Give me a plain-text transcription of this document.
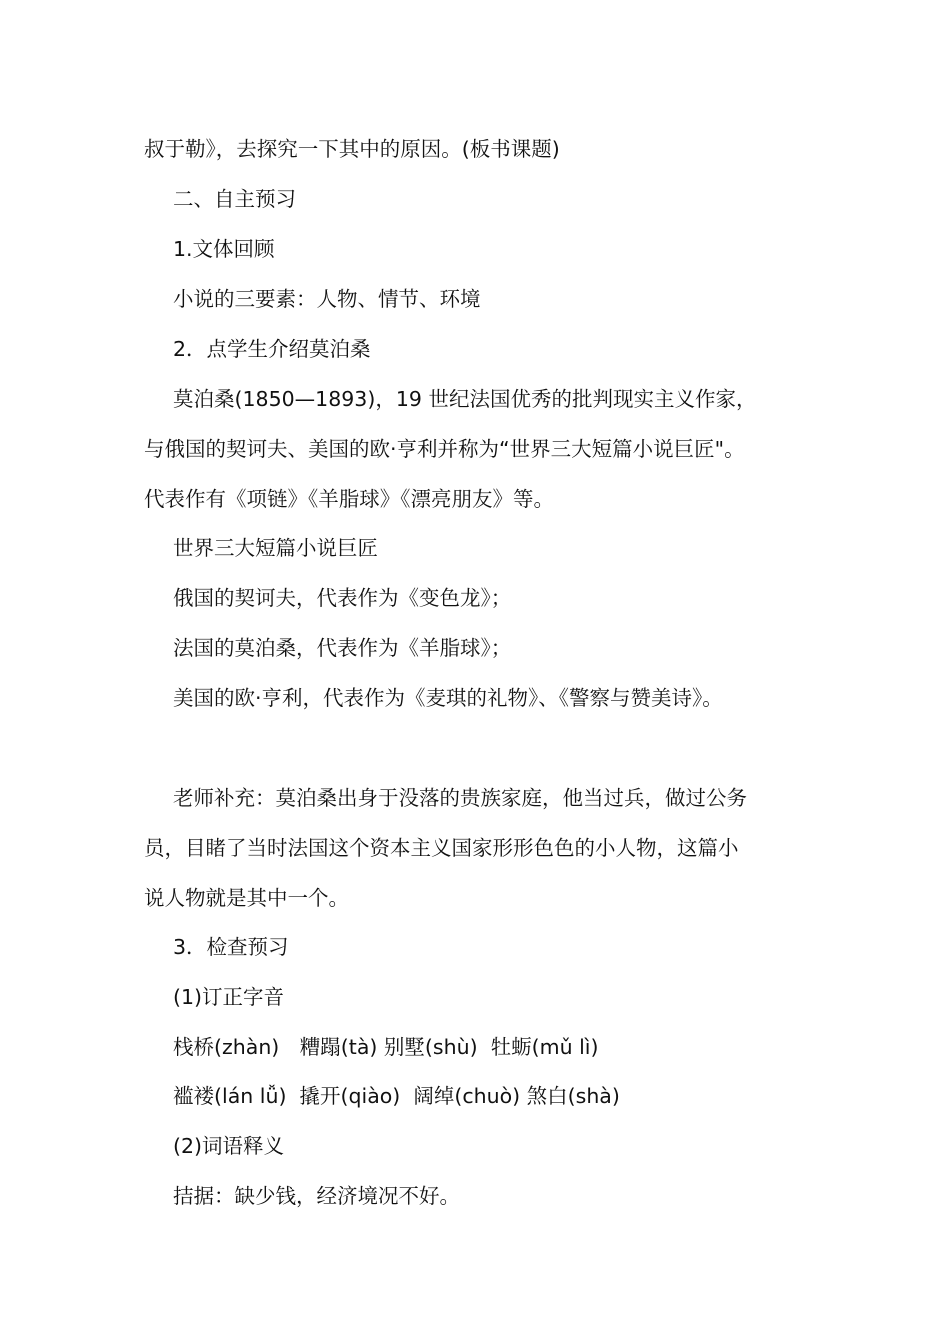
叔于勒》，去探究一下其中的原因。(板书课题)

二、自主预习

1.文体回顾

小说的三要素：人物、情节、环境

2．点学生介绍莫泊桑

莫泊桑(1850—1893)，19 世纪法国优秀的批判现实主义作家，
与俄国的契诃夫、美国的欧·亨利并称为“世界三大短篇小说巨匠"。
代表作有《项链》《羊脂球》《漂亮朋友》等。

世界三大短篇小说巨匠

俄国的契诃夫，代表作为《变色龙》；

法国的莫泊桑，代表作为《羊脂球》；

美国的欧·亨利，代表作为《麦琪的礼物》、《警察与赞美诗》。

老师补充：莫泊桑出身于没落的贵族家庭，他当过兵，做过公务
员，目睹了当时法国这个资本主义国家形形色色的小人物，这篇小
说人物就是其中一个。

3．检查预习

(1)订正字音

栈桥(zhàn)　糟蹋(tà) 别墅(shù)  牡蛎(mǔ lì)

褴褛(lán lǚ)  撬开(qiào)  阔绰(chuò) 煞白(shà)

(2)词语释义

拮据：缺少钱，经济境况不好。
